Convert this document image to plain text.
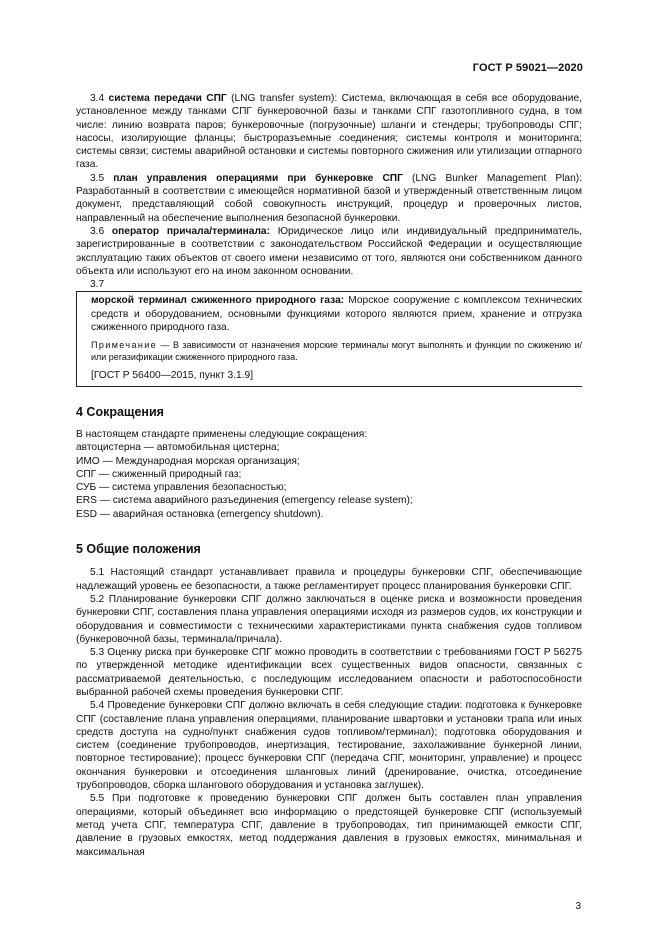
ГОСТ Р 59021—2020

3.4 система передачи СПГ (LNG transfer system): Система, включающая в себя все оборудование, установленное между танками СПГ бункеровочной базы и танками СПГ газотопливного судна, в том числе: линию возврата паров; бункеровочные (погрузочные) шланги и стендеры; трубопроводы СПГ; насосы, изолирующие фланцы; быстроразъемные соединения; системы контроля и мониторинга; системы связи; системы аварийной остановки и системы повторного сжижения или утилизации отпарного газа.

3.5 план управления операциями при бункеровке СПГ (LNG Bunker Management Plan): Разработанный в соответствии с имеющейся нормативной базой и утвержденный ответственным лицом документ, представляющий собой совокупность инструкций, процедур и проверочных листов, направленный на обеспечение выполнения безопасной бункеровки.

3.6 оператор причала/терминала: Юридическое лицо или индивидуальный предприниматель, зарегистрированные в соответствии с законодательством Российской Федерации и осуществляющие эксплуатацию таких объектов от своего имени независимо от того, являются они собственником данного объекта или используют его на ином законном основании.

3.7

морской терминал сжиженного природного газа: Морское сооружение с комплексом технических средств и оборудованием, основными функциями которого являются прием, хранение и отгрузка сжиженного природного газа.

Примечание — В зависимости от назначения морские терминалы могут выполнять и функции по сжижению и/или регазификации сжиженного природного газа.

[ГОСТ Р 56400—2015, пункт 3.1.9]

4 Сокращения

В настоящем стандарте применены следующие сокращения:

автоцистерна — автомобильная цистерна;

ИМО — Международная морская организация;

СПГ — сжиженный природный газ;

СУБ — система управления безопасностью;

ERS — система аварийного разъединения (emergency release system);

ESD — аварийная остановка (emergency shutdown).

5 Общие положения

5.1 Настоящий стандарт устанавливает правила и процедуры бункеровки СПГ, обеспечивающие надлежащий уровень ее безопасности, а также регламентирует процесс планирования бункеровки СПГ.

5.2 Планирование бункеровки СПГ должно заключаться в оценке риска и возможности проведения бункеровки СПГ, составления плана управления операциями исходя из размеров судов, их конструкции и оборудования и совместимости с техническими характеристиками пункта снабжения судов топливом (бункеровочной базы, терминала/причала).

5.3 Оценку риска при бункеровке СПГ можно проводить в соответствии с требованиями ГОСТ Р 56275 по утвержденной методике идентификации всех существенных видов опасности, связанных с рассматриваемой деятельностью, с последующим исследованием опасности и работоспособности выбранной рабочей схемы проведения бункеровки СПГ.

5.4 Проведение бункеровки СПГ должно включать в себя следующие стадии: подготовка к бункеровке СПГ (составление плана управления операциями, планирование швартовки и установки трапа или иных средств доступа на судно/пункт снабжения судов топливом/терминал); подготовка оборудования и систем (соединение трубопроводов, инертизация, тестирование, захолаживание бункерной линии, повторное тестирование); процесс бункеровки СПГ (передача СПГ, мониторинг, управление) и процесс окончания бункеровки и отсоединения шланговых линий (дренирование, очистка, отсоединение трубопроводов, сборка шлангового оборудования и установка заглушек).

5.5 При подготовке к проведению бункеровки СПГ должен быть составлен план управления операциями, который объединяет всю информацию о предстоящей бункеровке СПГ (используемый метод учета СПГ, температура СПГ, давление в трубопроводах, тип принимающей емкости СПГ, давление в грузовых емкостях, метод поддержания давления в грузовых емкостях, минимальная и максимальная

3
